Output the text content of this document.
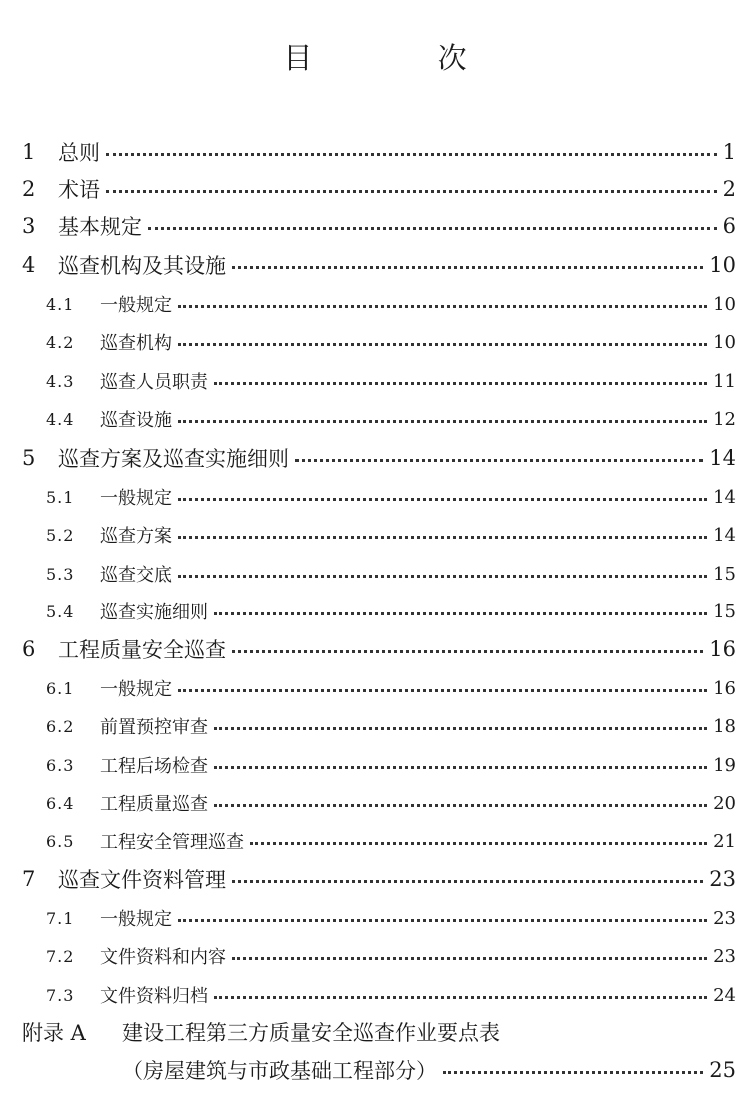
目 次
1	总则	1
2	术语	2
3	基本规定	6
4	巡查机构及其设施	10
4.1	一般规定	10
4.2	巡查机构	10
4.3	巡查人员职责	11
4.4	巡查设施	12
5	巡查方案及巡查实施细则	14
5.1	一般规定	14
5.2	巡查方案	14
5.3	巡查交底	15
5.4	巡查实施细则	15
6	工程质量安全巡查	16
6.1	一般规定	16
6.2	前置预控审查	18
6.3	工程后场检查	19
6.4	工程质量巡查	20
6.5	工程安全管理巡查	21
7	巡查文件资料管理	23
7.1	一般规定	23
7.2	文件资料和内容	23
7.3	文件资料归档	24
附录 A	建设工程第三方质量安全巡查作业要点表
（房屋建筑与市政基础工程部分）	25
